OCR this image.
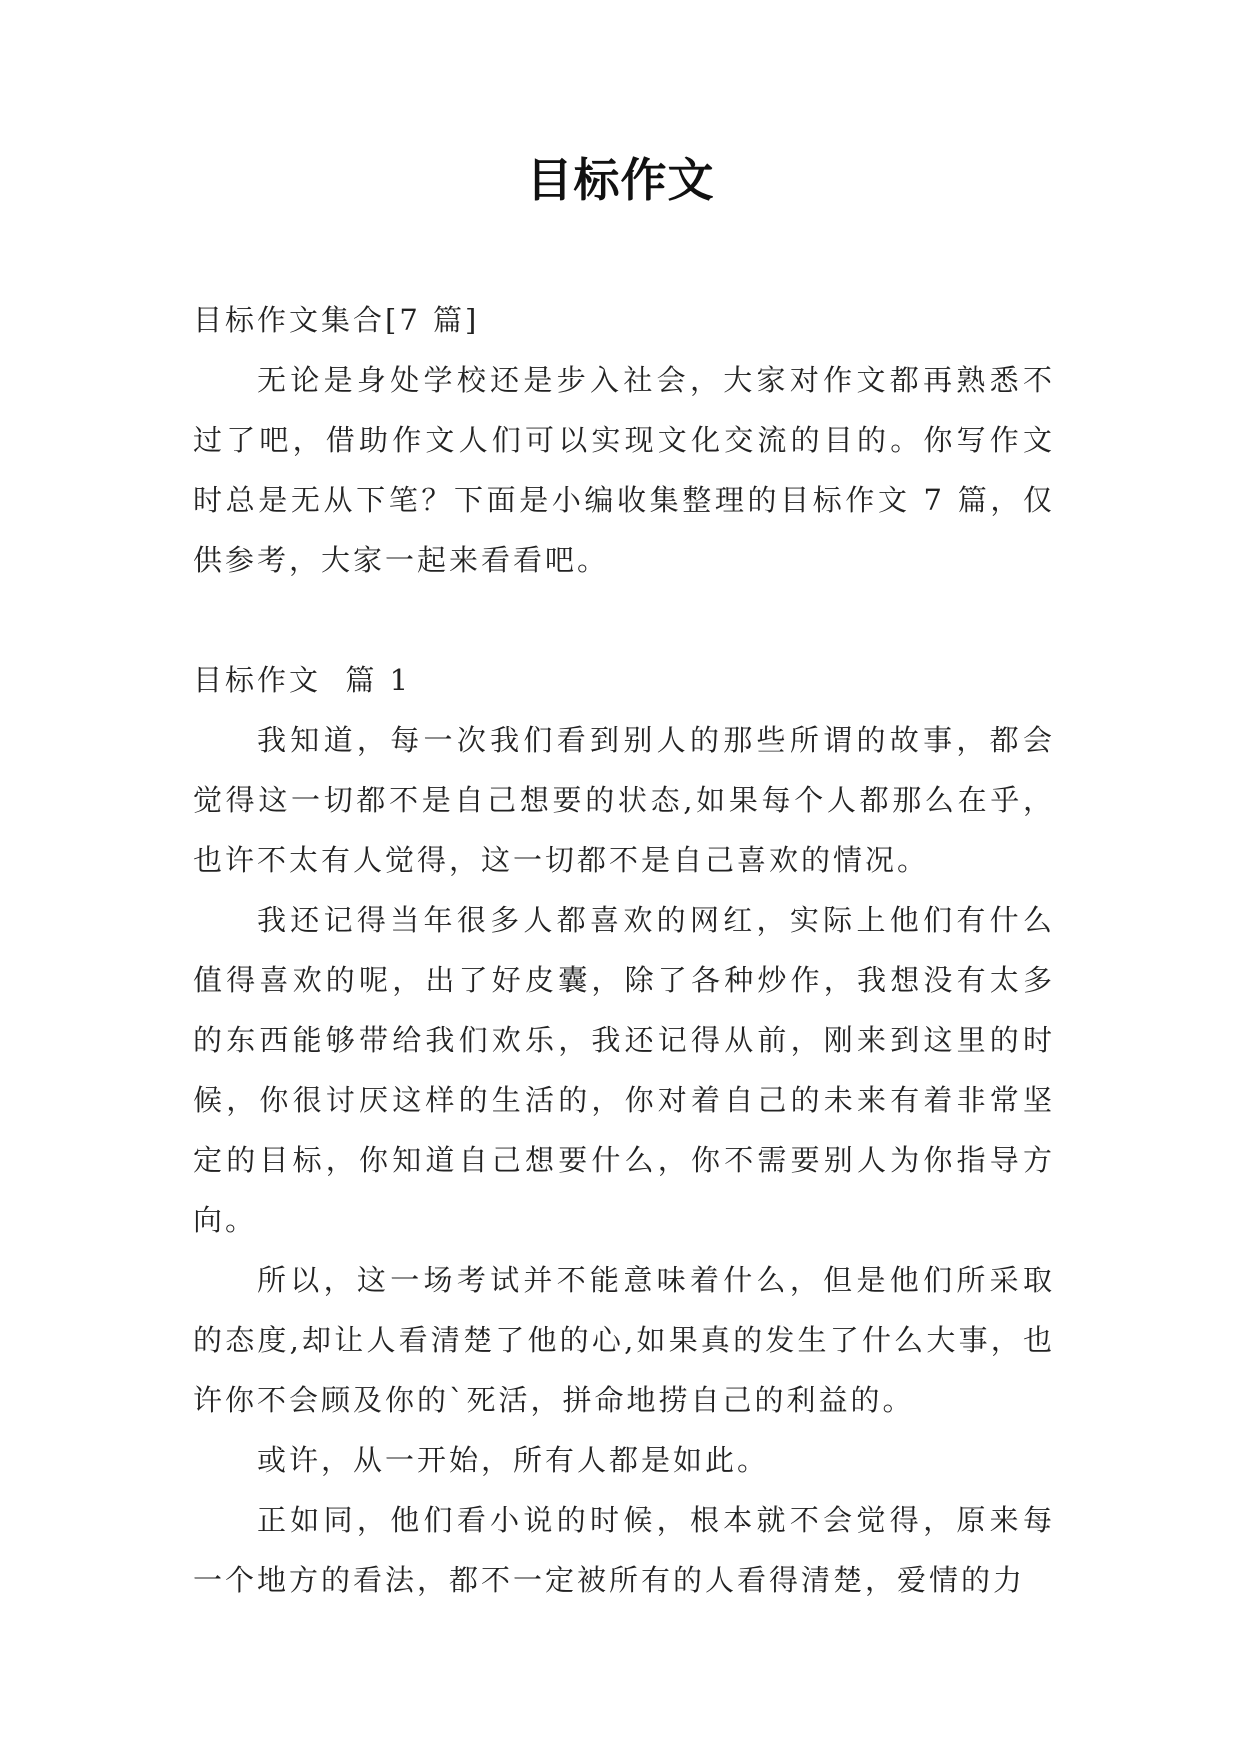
目标作文

目标作文集合[7 篇]

无论是身处学校还是步入社会，大家对作文都再熟悉不过了吧，借助作文人们可以实现文化交流的目的。你写作文时总是无从下笔？下面是小编收集整理的目标作文 7 篇，仅供参考，大家一起来看看吧。

目标作文  篇 1

我知道，每一次我们看到别人的那些所谓的故事，都会觉得这一切都不是自己想要的状态,如果每个人都那么在乎，也许不太有人觉得，这一切都不是自己喜欢的情况。

我还记得当年很多人都喜欢的网红，实际上他们有什么值得喜欢的呢，出了好皮囊，除了各种炒作，我想没有太多的东西能够带给我们欢乐，我还记得从前，刚来到这里的时候，你很讨厌这样的生活的，你对着自己的未来有着非常坚定的目标，你知道自己想要什么，你不需要别人为你指导方向。

所以，这一场考试并不能意味着什么，但是他们所采取的态度,却让人看清楚了他的心,如果真的发生了什么大事，也许你不会顾及你的`死活，拼命地捞自己的利益的。

或许，从一开始，所有人都是如此。

正如同，他们看小说的时候，根本就不会觉得，原来每一个地方的看法，都不一定被所有的人看得清楚，爱情的力
